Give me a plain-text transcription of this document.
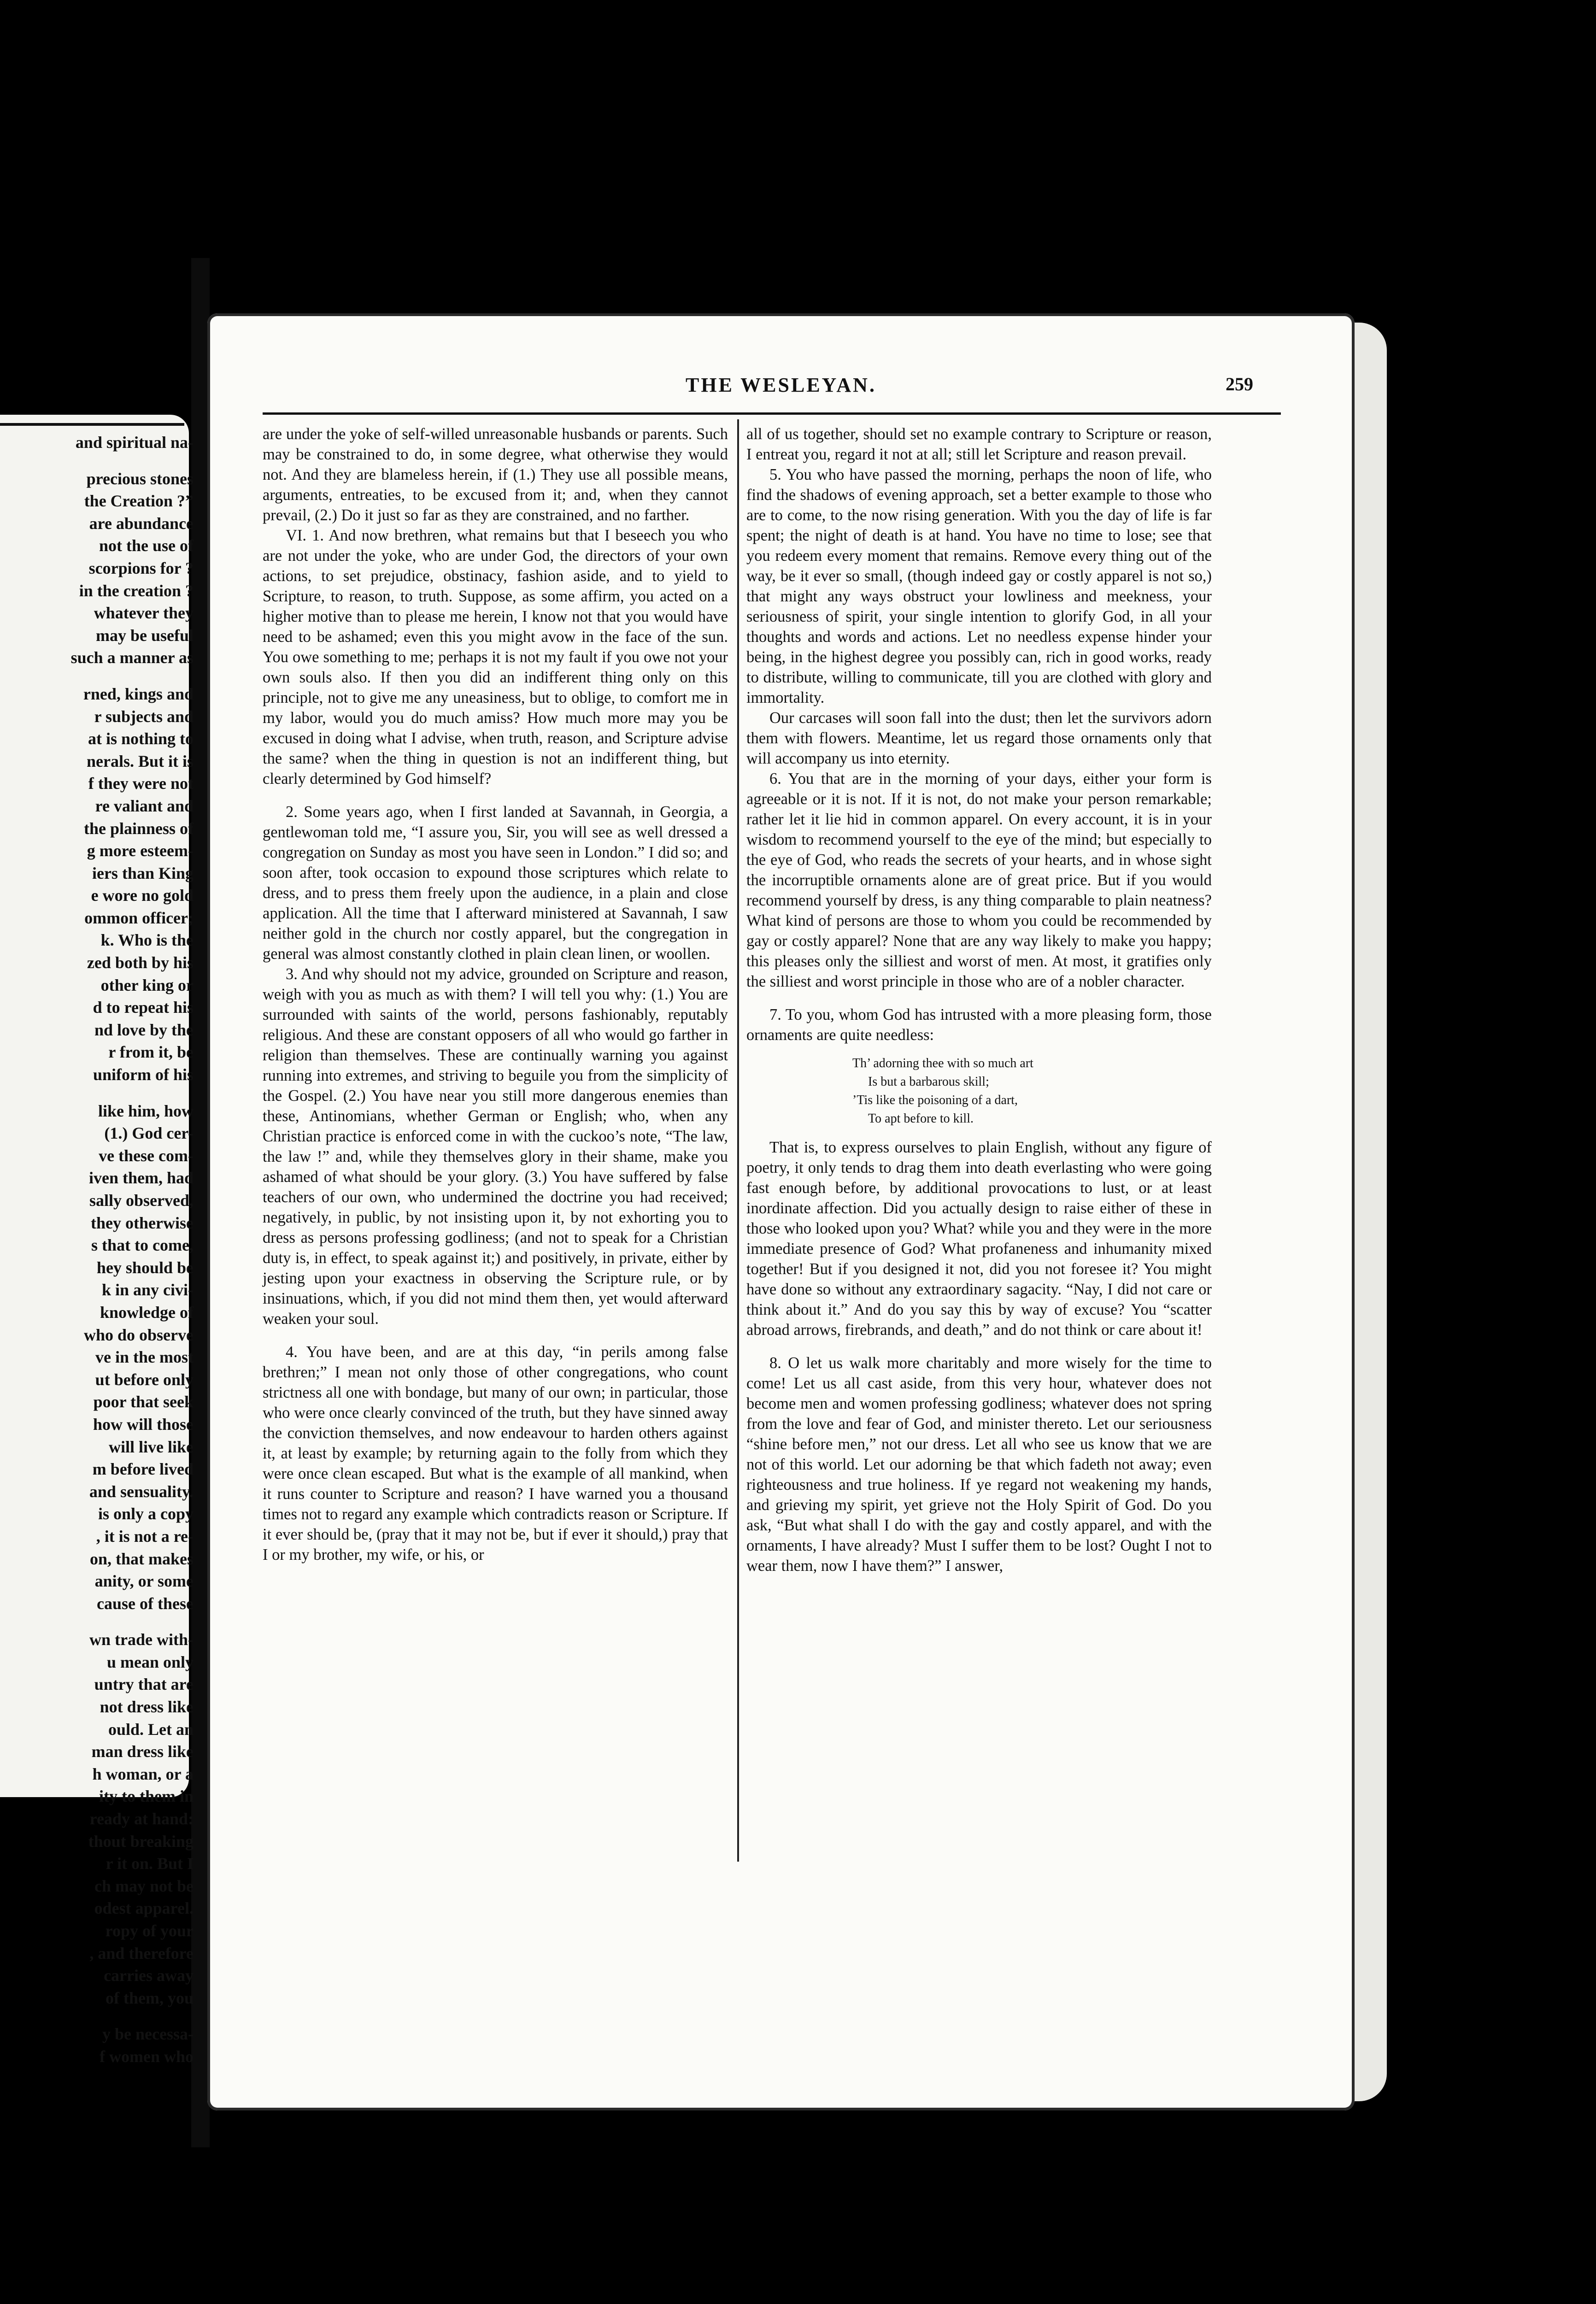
and spiritual na-
precious stones
the Creation ?”
are abundance
not the use of
scorpions for ?
in the creation ?
whatever they
may be useful
such a manner as
rned, kings and
r subjects and
at is nothing to
nerals. But it is
f they were not
re valiant and
the plainness of
g more esteem-
iers than King
e wore no gold
ommon officer;
k. Who is the
zed both by his
other king or
d to repeat his
nd love by the
r from it, be
uniform of his
like him, how
(1.) God cer-
ve these com-
iven them, had
sally observed,
they otherwise
s that to come,
hey should be
k in any civi-
knowledge of
who do observe
ve in the most
ut before only
poor that seek
how will those
will live like
m before lived
and sensuality.
is only a copy
, it is not a re-
on, that makes
anity, or some
cause of these
wn trade with-
u mean only
untry that are
not dress like
ould. Let an
man dress like
h woman, or a
ity to them in
ready at hand:
thout breaking
r it on. But I
ch may not be
odest apparel.
ropy of your
, and therefore
carries away
of them, you
y be necessa-
f women who
THE WESLEYAN.	259

are under the yoke of self-willed unreasonable husbands or parents. Such may be constrained to do, in some degree, what otherwise they would not. And they are blameless herein, if (1.) They use all possible means, arguments, entreaties, to be excused from it; and, when they cannot prevail, (2.) Do it just so far as they are constrained, and no farther.

VI. 1. And now brethren, what remains but that I beseech you who are not under the yoke, who are under God, the directors of your own actions, to set prejudice, obstinacy, fashion aside, and to yield to Scripture, to reason, to truth. Suppose, as some affirm, you acted on a higher motive than to please me herein, I know not that you would have need to be ashamed; even this you might avow in the face of the sun. You owe something to me; perhaps it is not my fault if you owe not your own souls also. If then you did an indifferent thing only on this principle, not to give me any uneasiness, but to oblige, to comfort me in my labor, would you do much amiss? How much more may you be excused in doing what I advise, when truth, reason, and Scripture advise the same? when the thing in question is not an indifferent thing, but clearly determined by God himself?

2. Some years ago, when I first landed at Savannah, in Georgia, a gentlewoman told me, “I assure you, Sir, you will see as well dressed a congregation on Sunday as most you have seen in London.” I did so; and soon after, took occasion to expound those scriptures which relate to dress, and to press them freely upon the audience, in a plain and close application. All the time that I afterward ministered at Savannah, I saw neither gold in the church nor costly apparel, but the congregation in general was almost constantly clothed in plain clean linen, or woollen.

3. And why should not my advice, grounded on Scripture and reason, weigh with you as much as with them? I will tell you why: (1.) You are surrounded with saints of the world, persons fashionably, reputably religious. And these are constant opposers of all who would go farther in religion than themselves. These are continually warning you against running into extremes, and striving to beguile you from the simplicity of the Gospel. (2.) You have near you still more dangerous enemies than these, Antinomians, whether German or English; who, when any Christian practice is enforced come in with the cuckoo’s note, “The law, the law !” and, while they themselves glory in their shame, make you ashamed of what should be your glory. (3.) You have suffered by false teachers of our own, who undermined the doctrine you had received; negatively, in public, by not insisting upon it, by not exhorting you to dress as persons professing godliness; (and not to speak for a Christian duty is, in effect, to speak against it;) and positively, in private, either by jesting upon your exactness in observing the Scripture rule, or by insinuations, which, if you did not mind them then, yet would afterward weaken your soul.

4. You have been, and are at this day, “in perils among false brethren;” I mean not only those of other congregations, who count strictness all one with bondage, but many of our own; in particular, those who were once clearly convinced of the truth, but they have sinned away the conviction themselves, and now endeavour to harden others against it, at least by example; by returning again to the folly from which they were once clean escaped. But what is the example of all mankind, when it runs counter to Scripture and reason? I have warned you a thousand times not to regard any example which contradicts reason or Scripture. If it ever should be, (pray that it may not be, but if ever it should,) pray that I or my brother, my wife, or his, or

all of us together, should set no example contrary to Scripture or reason, I entreat you, regard it not at all; still let Scripture and reason prevail.

5. You who have passed the morning, perhaps the noon of life, who find the shadows of evening approach, set a better example to those who are to come, to the now rising generation. With you the day of life is far spent; the night of death is at hand. You have no time to lose; see that you redeem every moment that remains. Remove every thing out of the way, be it ever so small, (though indeed gay or costly apparel is not so,) that might any ways obstruct your lowliness and meekness, your seriousness of spirit, your single intention to glorify God, in all your thoughts and words and actions. Let no needless expense hinder your being, in the highest degree you possibly can, rich in good works, ready to distribute, willing to communicate, till you are clothed with glory and immortality.

Our carcases will soon fall into the dust; then let the survivors adorn them with flowers. Meantime, let us regard those ornaments only that will accompany us into eternity.

6. You that are in the morning of your days, either your form is agreeable or it is not. If it is not, do not make your person remarkable; rather let it lie hid in common apparel. On every account, it is in your wisdom to recommend yourself to the eye of the mind; but especially to the eye of God, who reads the secrets of your hearts, and in whose sight the incorruptible ornaments alone are of great price. But if you would recommend yourself by dress, is any thing comparable to plain neatness? What kind of persons are those to whom you could be recommended by gay or costly apparel? None that are any way likely to make you happy; this pleases only the silliest and worst of men. At most, it gratifies only the silliest and worst principle in those who are of a nobler character.

7. To you, whom God has intrusted with a more pleasing form, those ornaments are quite needless:

Th’ adorning thee with so much art
Is but a barbarous skill;
’Tis like the poisoning of a dart,
To apt before to kill.

That is, to express ourselves to plain English, without any figure of poetry, it only tends to drag them into death everlasting who were going fast enough before, by additional provocations to lust, or at least inordinate affection. Did you actually design to raise either of these in those who looked upon you? What? while you and they were in the more immediate presence of God? What profaneness and inhumanity mixed together! But if you designed it not, did you not foresee it? You might have done so without any extraordinary sagacity. “Nay, I did not care or think about it.” And do you say this by way of excuse? You “scatter abroad arrows, firebrands, and death,” and do not think or care about it!

8. O let us walk more charitably and more wisely for the time to come! Let us all cast aside, from this very hour, whatever does not become men and women professing godliness; whatever does not spring from the love and fear of God, and minister thereto. Let our seriousness “shine before men,” not our dress. Let all who see us know that we are not of this world. Let our adorning be that which fadeth not away; even righteousness and true holiness. If ye regard not weakening my hands, and grieving my spirit, yet grieve not the Holy Spirit of God. Do you ask, “But what shall I do with the gay and costly apparel, and with the ornaments, I have already? Must I suffer them to be lost? Ought I not to wear them, now I have them?” I answer,
